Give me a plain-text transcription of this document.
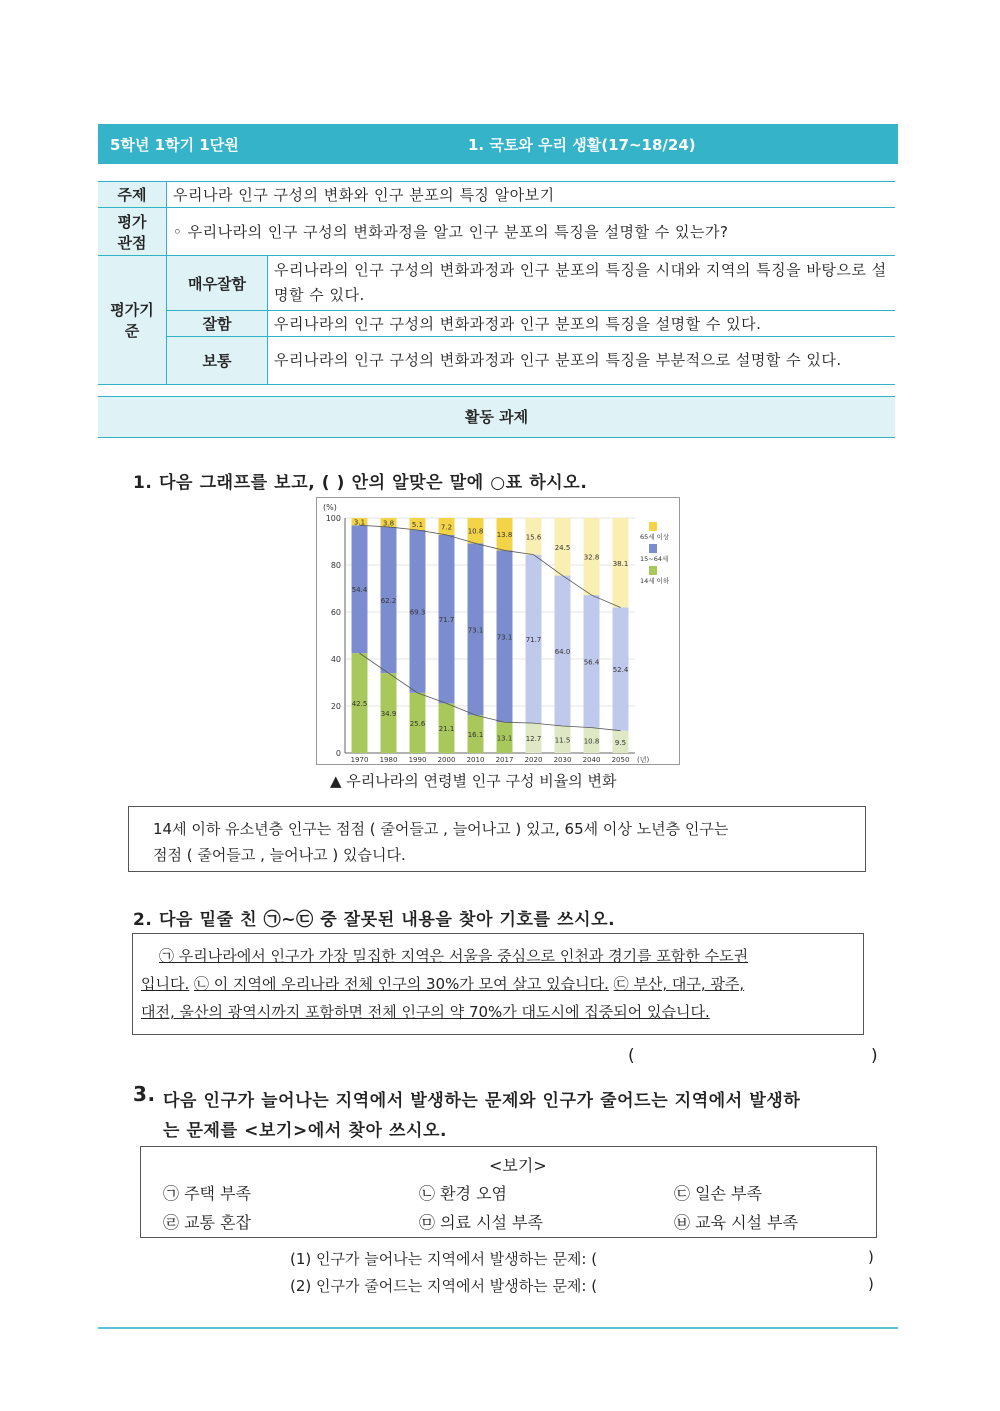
5학년 1학기 1단원	1. 국토와 우리 생활(17~18/24)
주제	우리나라 인구 구성의 변화와 인구 분포의 특징 알아보기	

평가
관점	◦ 우리나라의 인구 구성의 변화과정을 알고 인구 분포의 특징을 설명할 수 있는가?	
평가기준	매우잘함	우리나라의 인구 구성의 변화과정과 인구 분포의 특징을 시대와 지역의 특징을 바탕으로 설명할 수 있다.
	잘함	우리나라의 인구 구성의 변화과정과 인구 분포의 특징을 설명할 수 있다.
	보통	우리나라의 인구 구성의 변화과정과 인구 분포의 특징을 부분적으로 설명할 수 있다.
활동 과제
1. 다음 그래프를 보고, ( ) 안의 알맞은 말에 ○표 하시오.
(%)
0
20
40
60
80
100
42.5
54.4
3.1
1970
34.9
62.2
3.8
1980
25.6
69.3
5.1
1990
21.1
71.7
7.2
2000
16.1
73.1
10.8
2010
13.1
73.1
13.8
2017
12.7
71.7
15.6
2020
11.5
64.0
24.5
2030
10.8
56.4
32.8
2040
9.5
52.4
38.1
2050 (년)
65세 이상
15~64세
14세 이하
▲ 우리나라의 연령별 인구 구성 비율의 변화
14세 이하 유소년층 인구는 점점 ( 줄어들고 , 늘어나고 ) 있고, 65세 이상 노년층 인구는
점점 ( 줄어들고 , 늘어나고 ) 있습니다.
2. 다음 밑줄 친 ㉠~㉢ 중 잘못된 내용을 찾아 기호를 쓰시오.
㉠ 우리나라에서 인구가 가장 밀집한 지역은 서울을 중심으로 인천과 경기를 포함한 수도권
입니다. ㉡ 이 지역에 우리나라 전체 인구의 30%가 모여 살고 있습니다. ㉢ 부산, 대구, 광주,
대전, 울산의 광역시까지 포함하면 전체 인구의 약 70%가 대도시에 집중되어 있습니다.
(	)
3. 다음 인구가 늘어나는 지역에서 발생하는 문제와 인구가 줄어드는 지역에서 발생하
는 문제를 <보기>에서 찾아 쓰시오.
<보기>
㉠ 주택 부족	㉡ 환경 오염	㉢ 일손 부족
㉣ 교통 혼잡	㉤ 의료 시설 부족	㉥ 교육 시설 부족
(1) 인구가 늘어나는 지역에서 발생하는 문제: (	)
(2) 인구가 줄어드는 지역에서 발생하는 문제: (	)
